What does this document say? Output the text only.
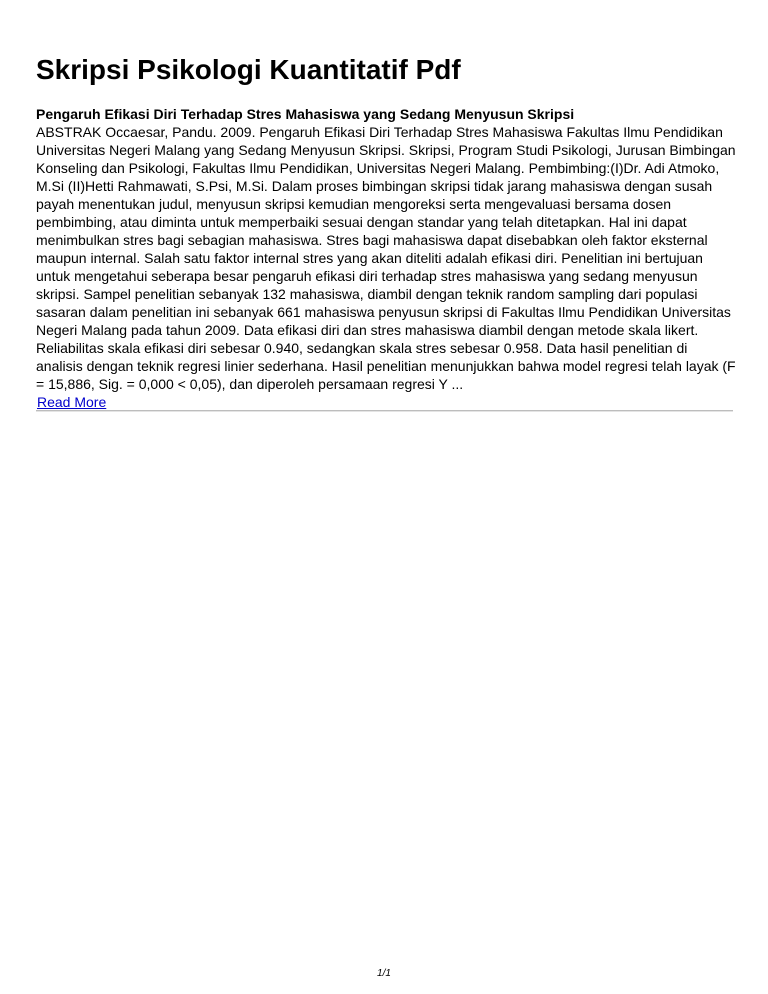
Skripsi Psikologi Kuantitatif Pdf
Pengaruh Efikasi Diri Terhadap Stres Mahasiswa yang Sedang Menyusun Skripsi
ABSTRAK Occaesar, Pandu. 2009. Pengaruh Efikasi Diri Terhadap Stres Mahasiswa Fakultas Ilmu Pendidikan Universitas Negeri Malang yang Sedang Menyusun Skripsi. Skripsi, Program Studi Psikologi, Jurusan Bimbingan Konseling dan Psikologi, Fakultas Ilmu Pendidikan, Universitas Negeri Malang. Pembimbing:(I)Dr. Adi Atmoko, M.Si (II)Hetti Rahmawati, S.Psi, M.Si. Dalam proses bimbingan skripsi tidak jarang mahasiswa dengan susah payah menentukan judul, menyusun skripsi kemudian mengoreksi serta mengevaluasi bersama dosen pembimbing, atau diminta untuk memperbaiki sesuai dengan standar yang telah ditetapkan. Hal ini dapat menimbulkan stres bagi sebagian mahasiswa. Stres bagi mahasiswa dapat disebabkan oleh faktor eksternal maupun internal. Salah satu faktor internal stres yang akan diteliti adalah efikasi diri. Penelitian ini bertujuan untuk mengetahui seberapa besar pengaruh efikasi diri terhadap stres mahasiswa yang sedang menyusun skripsi. Sampel penelitian sebanyak 132 mahasiswa, diambil dengan teknik random sampling dari populasi sasaran dalam penelitian ini sebanyak 661 mahasiswa penyusun skripsi di Fakultas Ilmu Pendidikan Universitas Negeri Malang pada tahun 2009. Data efikasi diri dan stres mahasiswa diambil dengan metode skala likert. Reliabilitas skala efikasi diri sebesar 0.940, sedangkan skala stres sebesar 0.958. Data hasil penelitian di analisis dengan teknik regresi linier sederhana. Hasil penelitian menunjukkan bahwa model regresi telah layak (F = 15,886, Sig. = 0,000 < 0,05), dan diperoleh persamaan regresi Y ...
Read More
1/1
